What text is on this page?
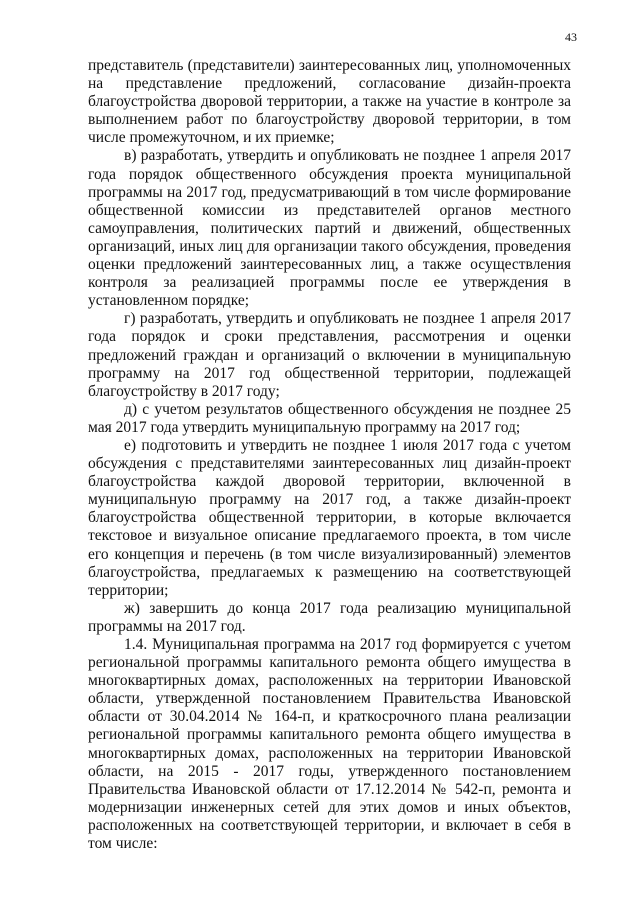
43

представитель (представители) заинтересованных лиц, уполномоченных на представление предложений, согласование дизайн-проекта благоустройства дворовой территории, а также на участие в контроле за выполнением работ по благоустройству дворовой территории, в том числе промежуточном, и их приемке;

в) разработать, утвердить и опубликовать не позднее 1 апреля 2017 года порядок общественного обсуждения проекта муниципальной программы на 2017 год, предусматривающий в том числе формирование общественной комиссии из представителей органов местного самоуправления, политических партий и движений, общественных организаций, иных лиц для организации такого обсуждения, проведения оценки предложений заинтересованных лиц, а также осуществления контроля за реализацией программы после ее утверждения в установленном порядке;

г) разработать, утвердить и опубликовать не позднее 1 апреля 2017 года порядок и сроки представления, рассмотрения и оценки предложений граждан и организаций о включении в муниципальную программу на 2017 год общественной территории, подлежащей благоустройству в 2017 году;

д) с учетом результатов общественного обсуждения не позднее 25 мая 2017 года утвердить муниципальную программу на 2017 год;

е) подготовить и утвердить не позднее 1 июля 2017 года с учетом обсуждения с представителями заинтересованных лиц дизайн-проект благоустройства каждой дворовой территории, включенной в муниципальную программу на 2017 год, а также дизайн-проект благоустройства общественной территории, в которые включается текстовое и визуальное описание предлагаемого проекта, в том числе его концепция и перечень (в том числе визуализированный) элементов благоустройства, предлагаемых к размещению на соответствующей территории;

ж) завершить до конца 2017 года реализацию муниципальной программы на 2017 год.

1.4. Муниципальная программа на 2017 год формируется с учетом региональной программы капитального ремонта общего имущества в многоквартирных домах, расположенных на территории Ивановской области, утвержденной постановлением Правительства Ивановской области от 30.04.2014 № 164-п, и краткосрочного плана реализации региональной программы капитального ремонта общего имущества в многоквартирных домах, расположенных на территории Ивановской области, на 2015 - 2017 годы, утвержденного постановлением Правительства Ивановской области от 17.12.2014 № 542-п, ремонта и модернизации инженерных сетей для этих домов и иных объектов, расположенных на соответствующей территории, и включает в себя в том числе:
